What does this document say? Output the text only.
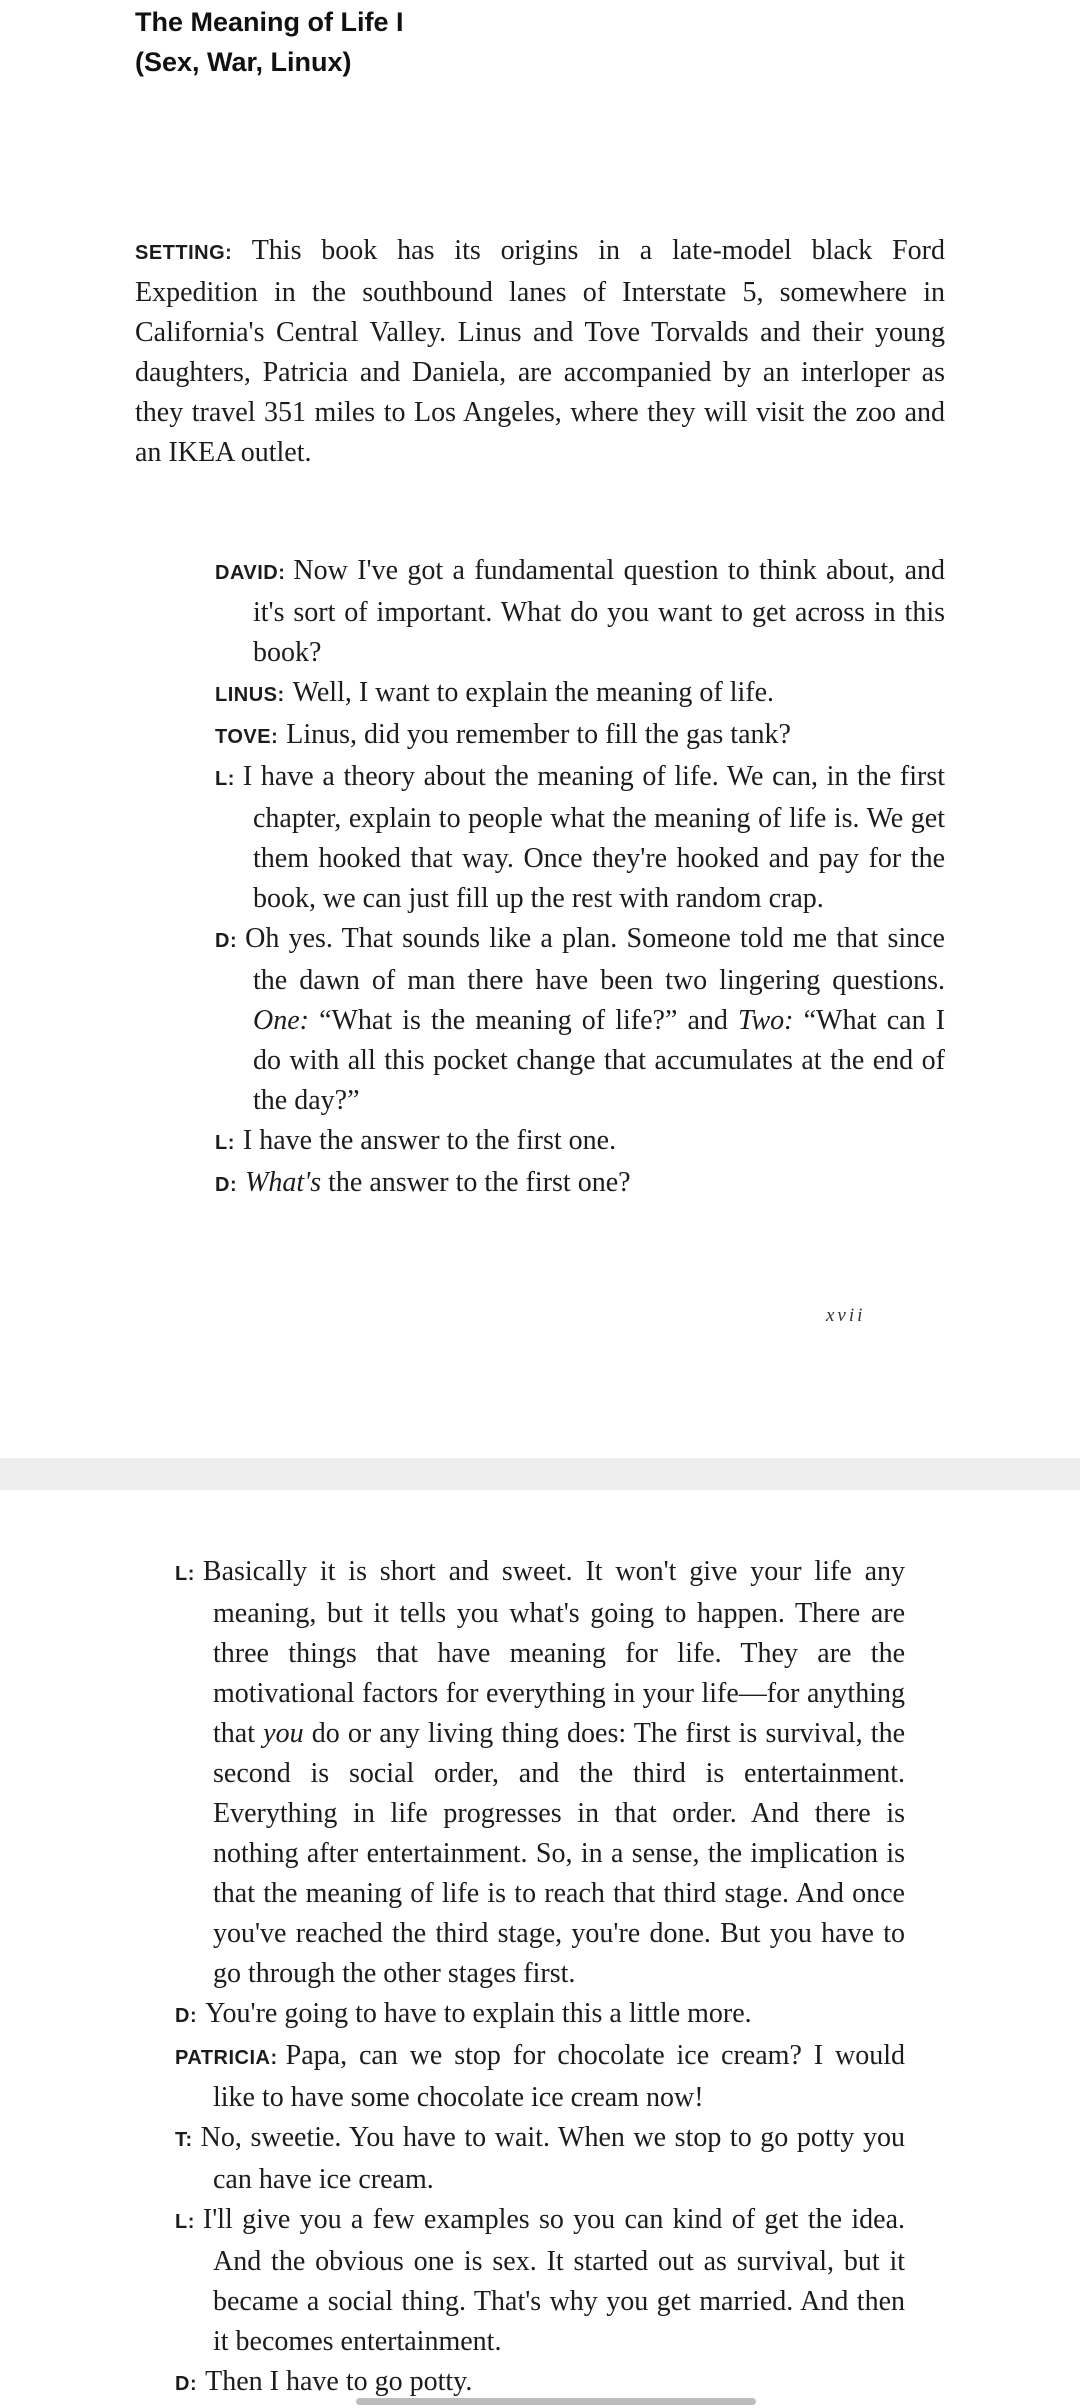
The Meaning of Life I
(Sex, War, Linux)
SETTING: This book has its origins in a late-model black Ford Expedition in the southbound lanes of Interstate 5, somewhere in California's Central Valley. Linus and Tove Torvalds and their young daughters, Patricia and Daniela, are accompanied by an interloper as they travel 351 miles to Los Angeles, where they will visit the zoo and an IKEA outlet.
DAVID: Now I've got a fundamental question to think about, and it's sort of important. What do you want to get across in this book?
LINUS: Well, I want to explain the meaning of life.
TOVE: Linus, did you remember to fill the gas tank?
L: I have a theory about the meaning of life. We can, in the first chapter, explain to people what the meaning of life is. We get them hooked that way. Once they're hooked and pay for the book, we can just fill up the rest with random crap.
D: Oh yes. That sounds like a plan. Someone told me that since the dawn of man there have been two lingering questions. One: “What is the meaning of life?” and Two: “What can I do with all this pocket change that accumulates at the end of the day?”
L: I have the answer to the first one.
D: What's the answer to the first one?
xvii
L: Basically it is short and sweet. It won't give your life any meaning, but it tells you what's going to happen. There are three things that have meaning for life. They are the motivational factors for everything in your life—for anything that you do or any living thing does: The first is survival, the second is social order, and the third is entertainment. Everything in life progresses in that order. And there is nothing after entertainment. So, in a sense, the implication is that the meaning of life is to reach that third stage. And once you've reached the third stage, you're done. But you have to go through the other stages first.
D: You're going to have to explain this a little more.
PATRICIA: Papa, can we stop for chocolate ice cream? I would like to have some chocolate ice cream now!
T: No, sweetie. You have to wait. When we stop to go potty you can have ice cream.
L: I'll give you a few examples so you can kind of get the idea. And the obvious one is sex. It started out as survival, but it became a social thing. That's why you get married. And then it becomes entertainment.
D: Then I have to go potty.
